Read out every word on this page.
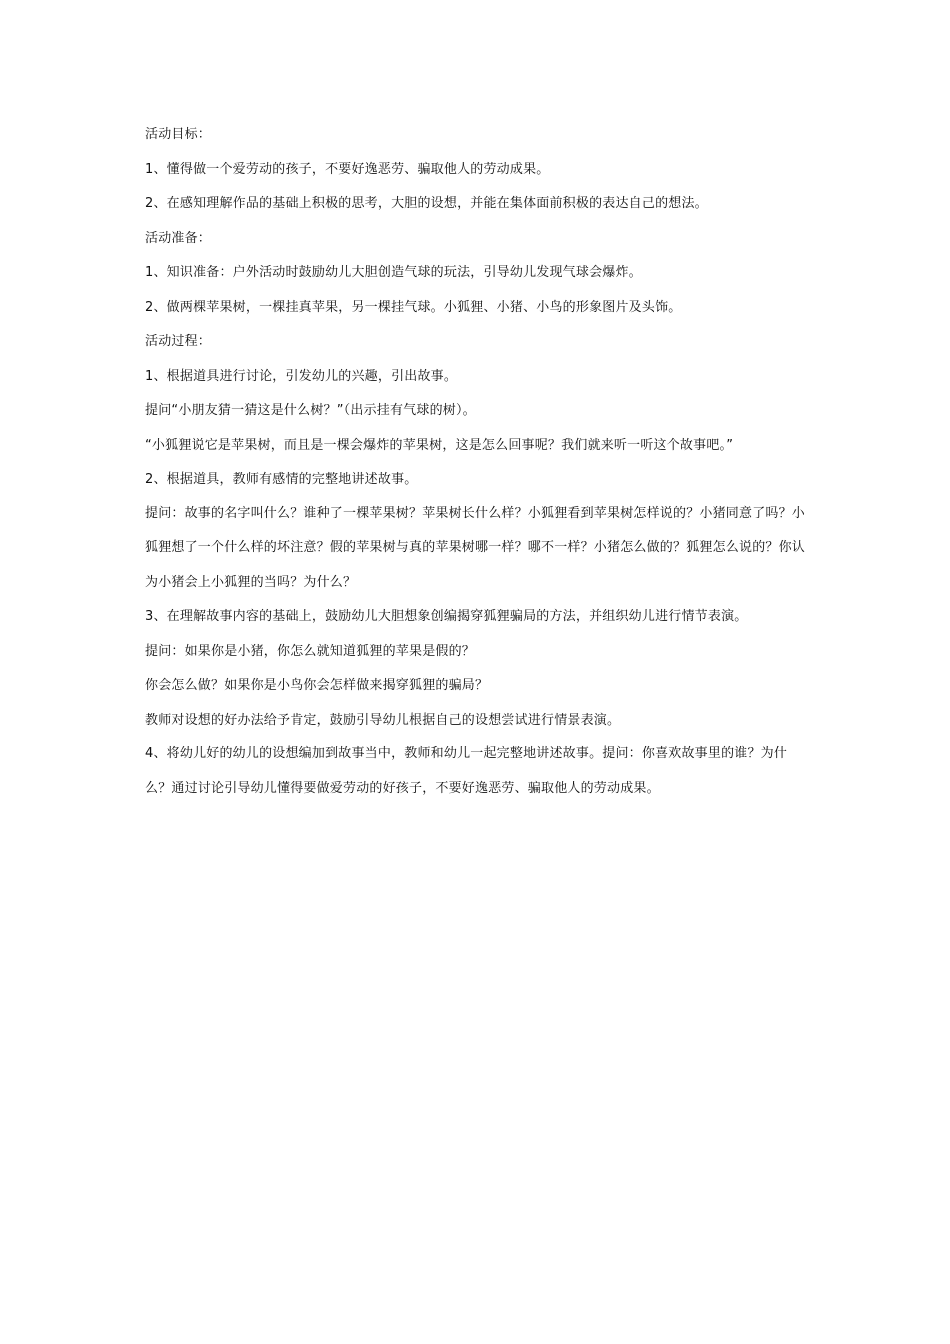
活动目标：

1、懂得做一个爱劳动的孩子，不要好逸恶劳、骗取他人的劳动成果。

2、在感知理解作品的基础上积极的思考，大胆的设想，并能在集体面前积极的表达自己的想法。

活动准备：

1、知识准备：户外活动时鼓励幼儿大胆创造气球的玩法，引导幼儿发现气球会爆炸。

2、做两棵苹果树，一棵挂真苹果，另一棵挂气球。小狐狸、小猪、小鸟的形象图片及头饰。

活动过程：

1、根据道具进行讨论，引发幼儿的兴趣，引出故事。

提问“小朋友猜一猜这是什么树？”（出示挂有气球的树）。

“小狐狸说它是苹果树，而且是一棵会爆炸的苹果树，这是怎么回事呢？我们就来听一听这个故事吧。”

2、根据道具，教师有感情的完整地讲述故事。

提问：故事的名字叫什么？谁种了一棵苹果树？苹果树长什么样？小狐狸看到苹果树怎样说的？小猪同意了吗？小狐狸想了一个什么样的坏注意？假的苹果树与真的苹果树哪一样？哪不一样？小猪怎么做的？狐狸怎么说的？你认为小猪会上小狐狸的当吗？为什么？

3、在理解故事内容的基础上，鼓励幼儿大胆想象创编揭穿狐狸骗局的方法，并组织幼儿进行情节表演。

提问：如果你是小猪，你怎么就知道狐狸的苹果是假的？

你会怎么做？如果你是小鸟你会怎样做来揭穿狐狸的骗局？

教师对设想的好办法给予肯定，鼓励引导幼儿根据自己的设想尝试进行情景表演。

4、将幼儿好的幼儿的设想编加到故事当中，教师和幼儿一起完整地讲述故事。提问：你喜欢故事里的谁？为什么？通过讨论引导幼儿懂得要做爱劳动的好孩子，不要好逸恶劳、骗取他人的劳动成果。
